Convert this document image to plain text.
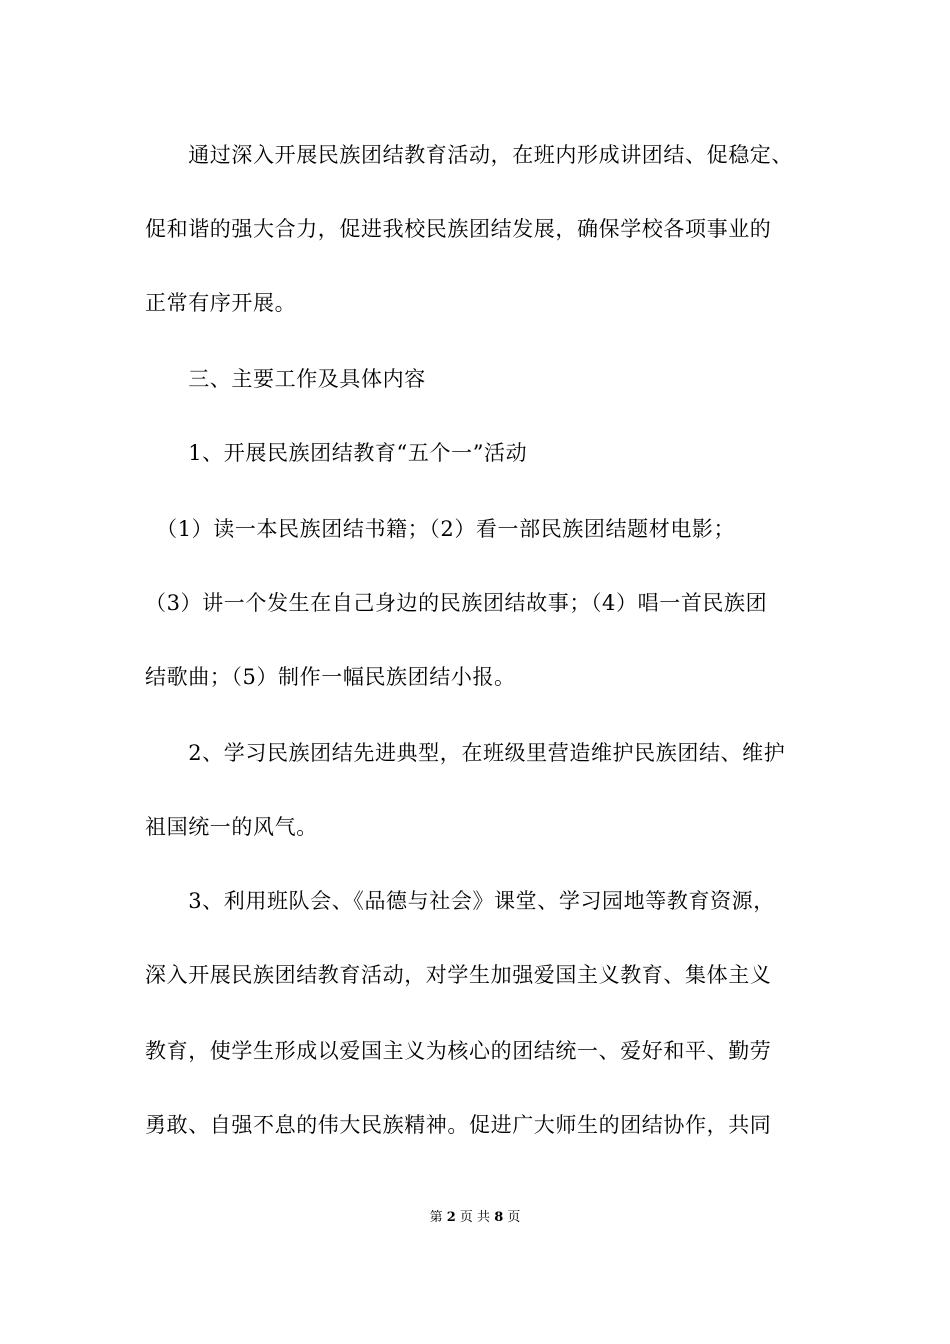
　　通过深入开展民族团结教育活动，在班内形成讲团结、促稳定、
促和谐的强大合力，促进我校民族团结发展，确保学校各项事业的
正常有序开展。
　　三、主要工作及具体内容
　　1、开展民族团结教育“五个一”活动
　（1）读一本民族团结书籍；（2）看一部民族团结题材电影；
（3）讲一个发生在自己身边的民族团结故事；（4）唱一首民族团
结歌曲；（5）制作一幅民族团结小报。
　　2、学习民族团结先进典型，在班级里营造维护民族团结、维护
祖国统一的风气。
　　3、利用班队会、《品德与社会》课堂、学习园地等教育资源，
深入开展民族团结教育活动，对学生加强爱国主义教育、集体主义
教育，使学生形成以爱国主义为核心的团结统一、爱好和平、勤劳
勇敢、自强不息的伟大民族精神。促进广大师生的团结协作，共同
第 2 页 共 8 页
